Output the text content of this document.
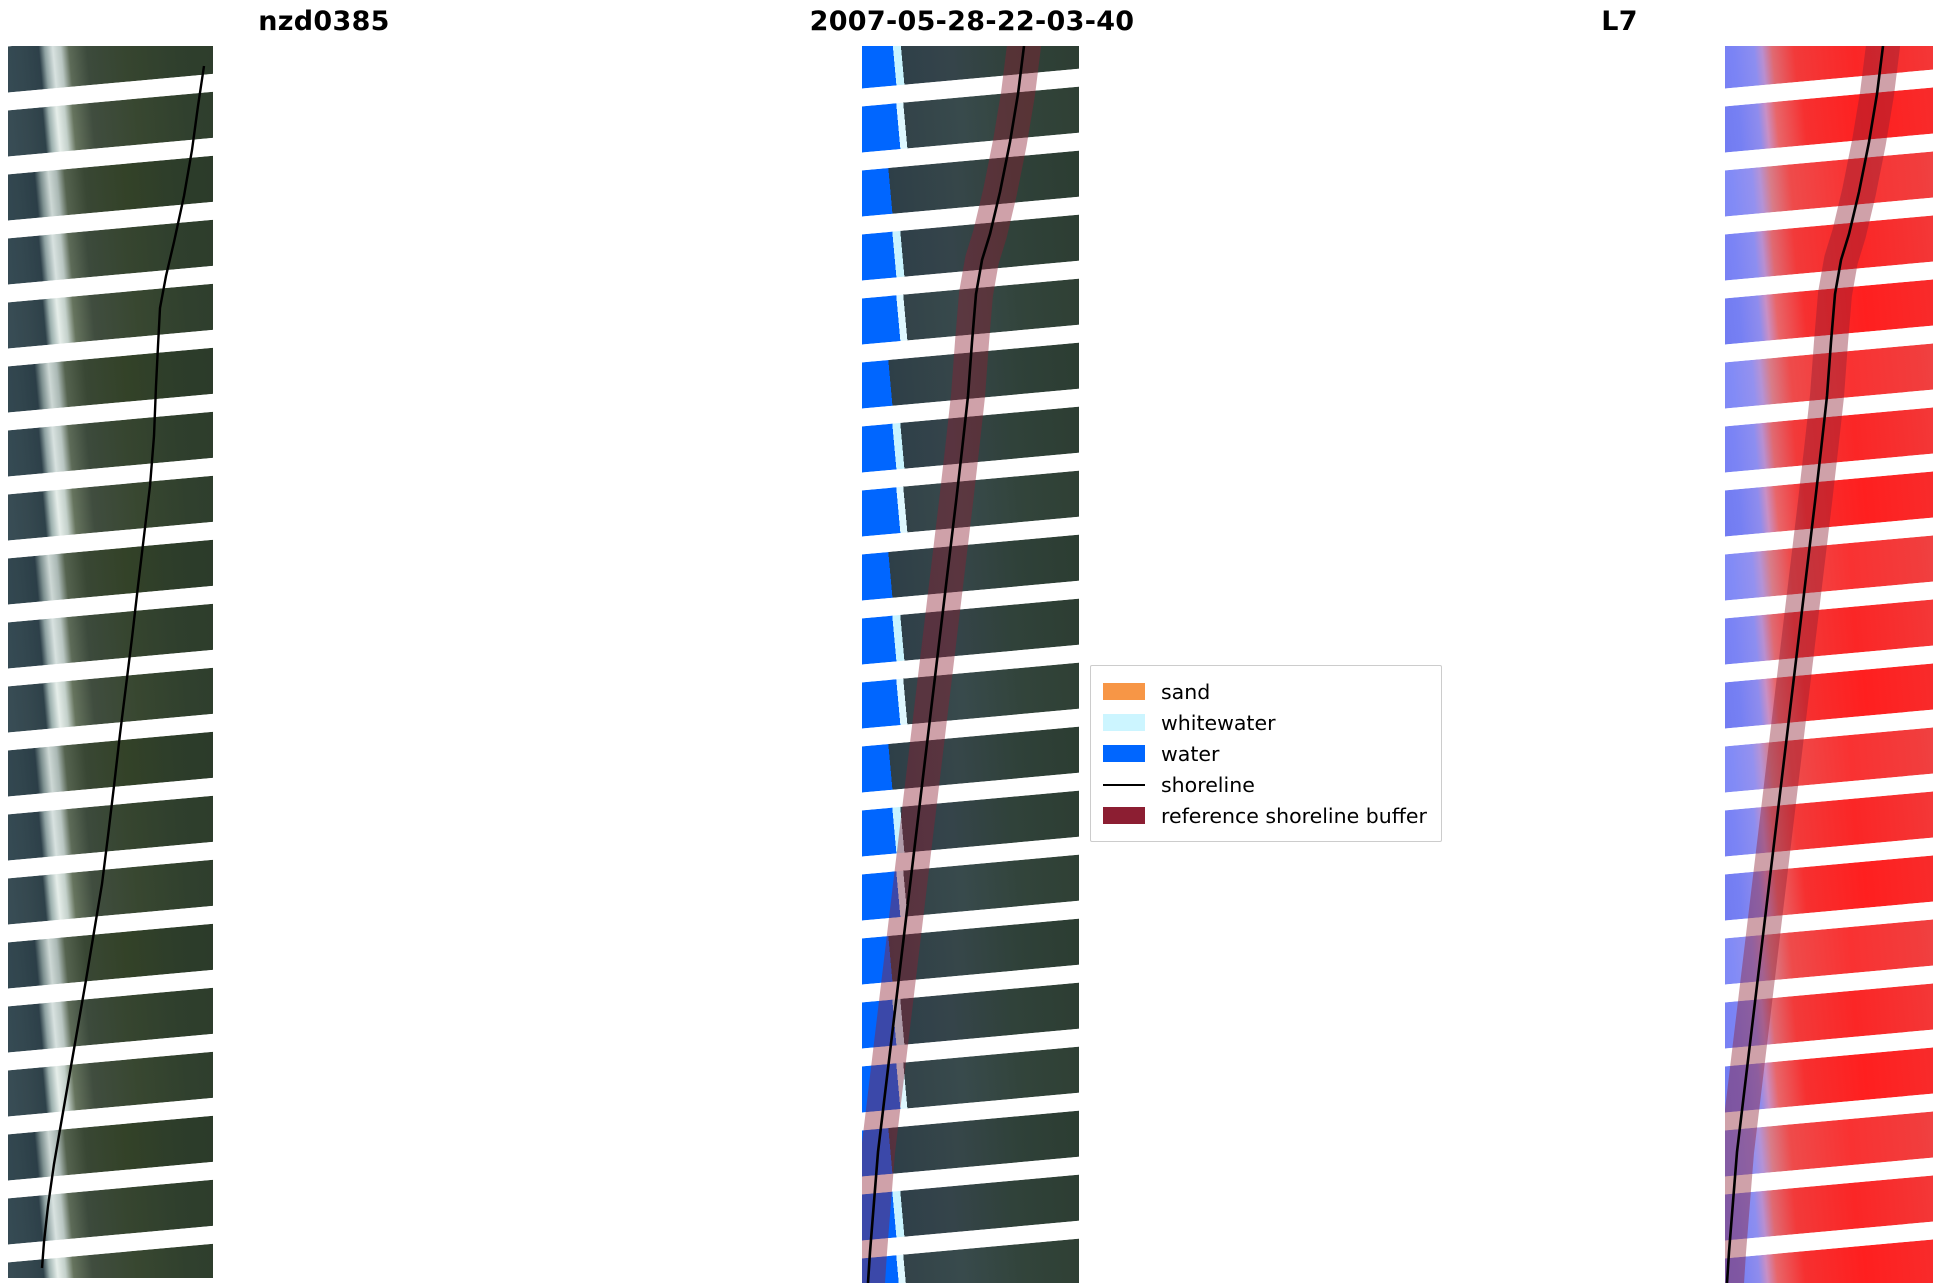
nzd0385	2007-05-28-22-03-40	L7
sand
whitewater
water
shoreline
reference shoreline buffer
